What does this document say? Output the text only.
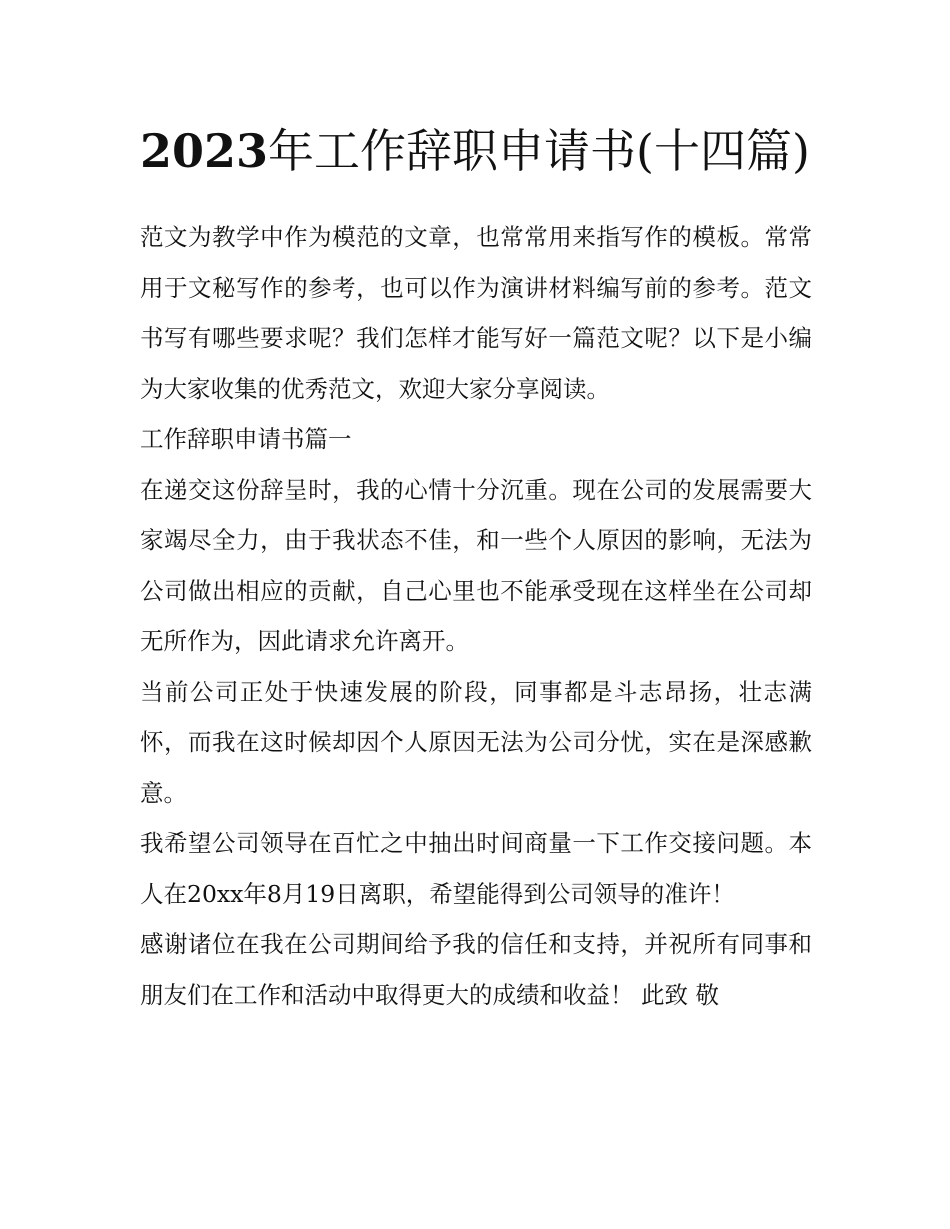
2023年工作辞职申请书(十四篇)

范文为教学中作为模范的文章，也常常用来指写作的模板。常常用于文秘写作的参考，也可以作为演讲材料编写前的参考。范文书写有哪些要求呢？我们怎样才能写好一篇范文呢？以下是小编为大家收集的优秀范文，欢迎大家分享阅读。

工作辞职申请书篇一

在递交这份辞呈时，我的心情十分沉重。现在公司的发展需要大家竭尽全力，由于我状态不佳，和一些个人原因的影响，无法为公司做出相应的贡献，自己心里也不能承受现在这样坐在公司却无所作为，因此请求允许离开。

当前公司正处于快速发展的阶段，同事都是斗志昂扬，壮志满怀，而我在这时候却因个人原因无法为公司分忧，实在是深感歉意。

我希望公司领导在百忙之中抽出时间商量一下工作交接问题。本人在20xx年8月19日离职，希望能得到公司领导的准许！

感谢诸位在我在公司期间给予我的信任和支持，并祝所有同事和朋友们在工作和活动中取得更大的成绩和收益！ 此致 敬
